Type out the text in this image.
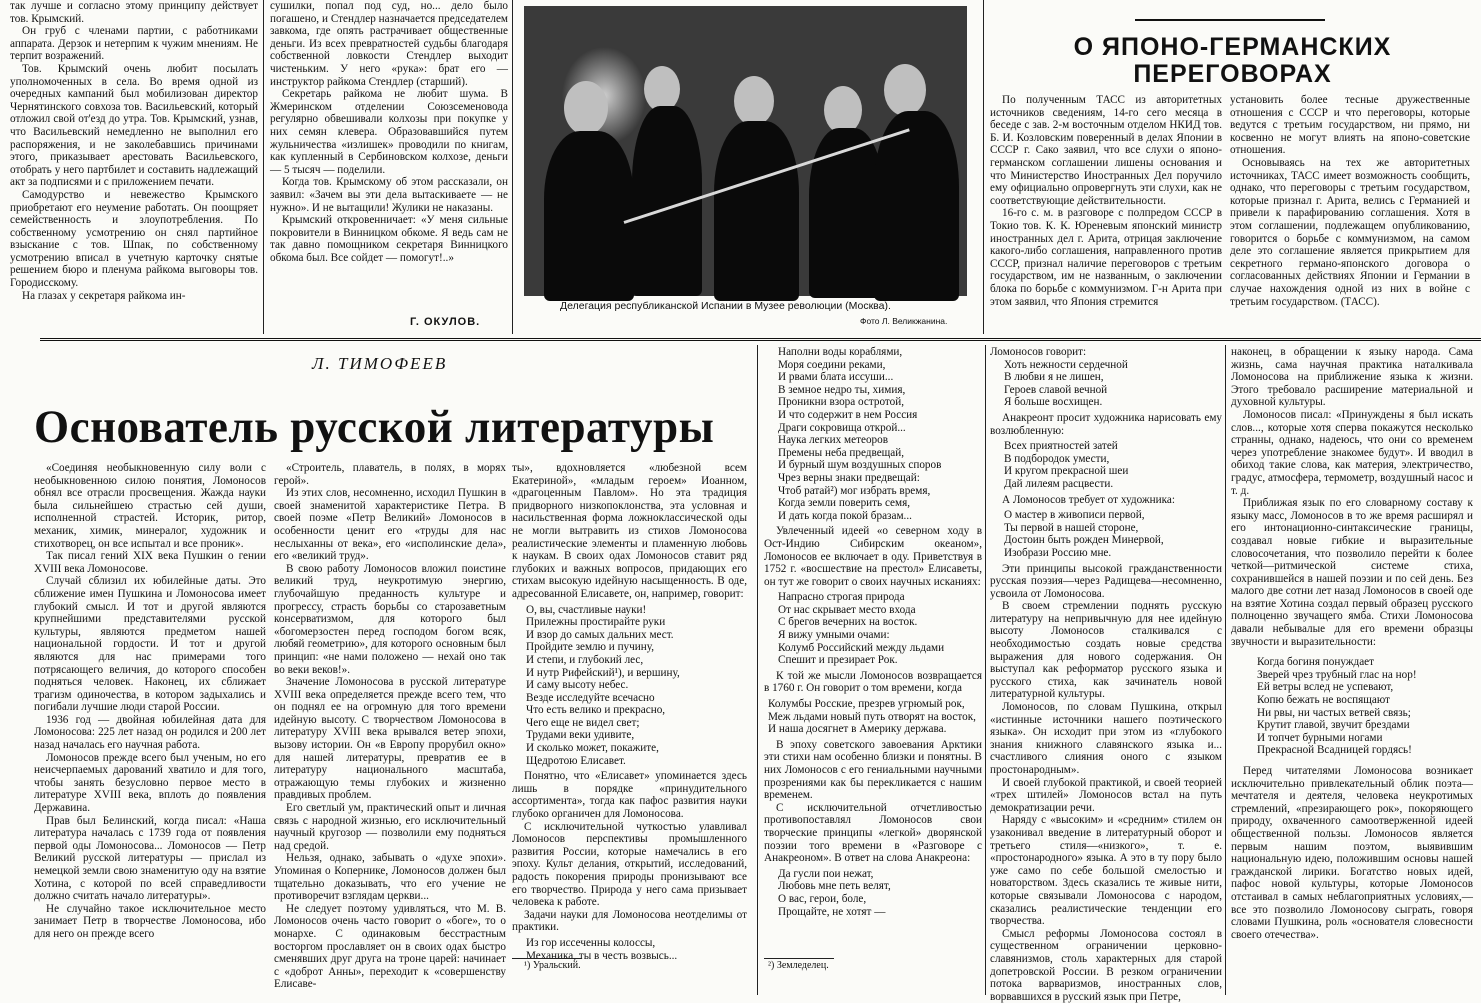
так лучше и согласно этому принципу действует тов. Крымский.

Он груб с членами партии, с работниками аппарата. Дерзок и нетерпим к чужим мнениям. Не терпит возражений.

Тов. Крымский очень любит посылать уполномоченных в села. Во время одной из очередных кампаний был мобилизован директор Чернятинского совхоза тов. Васильевский, который отложил свой от'езд до утра. Тов. Крымский, узнав, что Васильевский немедленно не выполнил его распоряжения, и не заколебавшись причинами этого, приказывает арестовать Васильевского, отобрать у него партбилет и составить надлежащий акт за подписями и с приложением печати.

Самодурство и невежество Крымского приобретают его неумение работать. Он поощряет семейственность и злоупотребления. По собственному усмотрению он снял партийное взыскание с тов. Шпак, по собственному усмотрению вписал в учетную карточку снятые решением бюро и пленума райкома выговоры тов. Городисскому.

На глазах у секретаря райкома ин-

сушилки, попал под суд, но... дело было погашено, и Стендлер назначается председателем завкома, где опять растрачивает общественные деньги. Из всех превратностей судьбы благодаря собственной ловкости Стендлер выходит чистеньким. У него «рука»: брат его — инструктор райкома Стендлер (старший).

Секретарь райкома не любит шума. В Жмеринском отделении Союзсеменовода регулярно обвешивали колхозы при покупке у них семян клевера. Образовавшийся путем жульничества «излишек» проводили по книгам, как купленный в Сербиновском колхозе, деньги — 5 тысяч — поделили.

Когда тов. Крымскому об этом рассказали, он заявил: «Зачем вы эти дела вытаскиваете — не нужно». И не вытащили! Жулики не наказаны.

Крымский откровенничает: «У меня сильные покровители в Винницком обкоме. Я ведь сам не так давно помощником секретаря Винницкого обкома был. Все сойдет — помогут!..»

Г. ОКУЛОВ.
Делегация республиканской Испании в Музее революции (Москва).
Фото Л. Великжанина.
О ЯПОНО-ГЕРМАНСКИХ
ПЕРЕГОВОРАХ

По полученным ТАСС из авторитетных источников сведениям, 14-го сего месяца в беседе с зав. 2-м восточным отделом НКИД тов. Б. И. Козловским поверенный в делах Японии в СССР г. Сако заявил, что все слухи о японо-германском соглашении лишены основания и что Министерство Иностранных Дел поручило ему официально опровергнуть эти слухи, как не соответствующие действительности.

16-го с. м. в разговоре с полпредом СССР в Токио тов. К. К. Юреневым японский министр иностранных дел г. Арита, отрицая заключение какого-либо соглашения, направленного против СССР, признал наличие переговоров с третьим государством, им не названным, о заключении блока по борьбе с коммунизмом. Г-н Арита при этом заявил, что Япония стремится

установить более тесные дружественные отношения с СССР и что переговоры, которые ведутся с третьим государством, ни прямо, ни косвенно не могут влиять на японо-советские отношения.

Основываясь на тех же авторитетных источниках, ТАСС имеет возможность сообщить, однако, что переговоры с третьим государством, которые признал г. Арита, велись с Германией и привели к парафированию соглашения. Хотя в этом соглашении, подлежащем опубликованию, говорится о борьбе с коммунизмом, на самом деле это соглашение является прикрытием для секретного германо-японского договора о согласованных действиях Японии и Германии в случае нахождения одной из них в войне с третьим государством. (ТАСС).

Л. ТИМОФЕЕВ
Основатель русской литературы

«Соединяя необыкновенную силу воли с необыкновенною силою понятия, Ломоносов обнял все отрасли просвещения. Жажда науки была сильнейшею страстью сей души, исполненной страстей. Историк, ритор, механик, химик, минералог, художник и стихотворец, он все испытал и все проник».

Так писал гений XIX века Пушкин о гении XVIII века Ломоносове.

Случай сблизил их юбилейные даты. Это сближение имен Пушкина и Ломоносова имеет глубокий смысл. И тот и другой являются крупнейшими представителями русской культуры, являются предметом нашей национальной гордости. И тот и другой являются для нас примерами того потрясающего величия, до которого способен подняться человек. Наконец, их сближает трагизм одиночества, в котором задыхались и погибали лучшие люди старой России.

1936 год — двойная юбилейная дата для Ломоносова: 225 лет назад он родился и 200 лет назад началась его научная работа.

Ломоносов прежде всего был ученым, но его неисчерпаемых дарований хватило и для того, чтобы занять безусловно первое место в литературе XVIII века, вплоть до появления Державина.

Прав был Белинский, когда писал: «Наша литература началась с 1739 года от появления первой оды Ломоносова... Ломоносов — Петр Великий русской литературы — прислал из немецкой земли свою знаменитую оду на взятие Хотина, с которой по всей справедливости должно считать начало литературы».

Не случайно такое исключительное место занимает Петр в творчестве Ломоносова, ибо для него он прежде всего

«Строитель, плаватель, в полях, в морях герой».

Из этих слов, несомненно, исходил Пушкин в своей знаменитой характеристике Петра. В своей поэме «Петр Великий» Ломоносов в особенности ценит его «труды для нас неслыханны от века», его «исполинские дела», его «великий труд».

В свою работу Ломоносов вложил поистине великий труд, неукротимую энергию, глубочайшую преданность культуре и прогрессу, страсть борьбы со старозаветным консерватизмом, для которого был «богомерзостен перед господом богом всяк, любяй геометрию», для которого основным был принцип: «не нами положено — нехай оно так во веки веков!».

Значение Ломоносова в русской литературе XVIII века определяется прежде всего тем, что он поднял ее на огромную для того времени идейную высоту. С творчеством Ломоносова в литературу XVIII века врывался ветер эпохи, вызову истории. Он «в Европу прорубил окно» для нашей литературы, превратив ее в литературу национального масштаба, отражающую темы глубоких и жизненно правдивых проблем.

Его светлый ум, практический опыт и личная связь с народной жизнью, его исключительный научный кругозор — позволили ему подняться над средой.

Нельзя, однако, забывать о «духе эпохи». Упоминая о Копернике, Ломоносов должен был тщательно доказывать, что его учение не противоречит взглядам церкви...

Не следует поэтому удивляться, что М. В. Ломоносов очень часто говорит о «боге», то о монархе. С одинаковым бесстрастным восторгом прославляет он в своих одах быстро сменявших друг друга на троне царей: начинает с «доброт Анны», переходит к «совершенству Елисаве-

ты», вдохновляется «любезной всем Екатериной», «младым героем» Иоанном, «драгоценным Павлом». Но эта традиция придворного низкопоклонства, эта условная и насильственная форма ложноклассической оды не могли вытравить из стихов Ломоносова реалистические элементы и пламенную любовь к наукам. В своих одах Ломоносов ставит ряд глубоких и важных вопросов, придающих его стихам высокую идейную насыщенность. В оде, адресованной Елисавете, он, например, говорит:

О, вы, счастливые науки!
Прилежны простирайте руки
И взор до самых дальних мест.
Пройдите землю и пучину,
И степи, и глубокий лес,
И нутр Рифейский¹), и вершину,
И саму высоту небес.
Везде исследуйте всечасно
Что есть велико и прекрасно,
Чего еще не видел свет;
Трудами веки удивите,
И сколько может, покажите,
Щедротою Елисавет.

Понятно, что «Елисавет» упоминается здесь лишь в порядке «принудительного ассортимента», тогда как пафос развития науки глубоко органичен для Ломоносова.

С исключительной чуткостью улавливал Ломоносов перспективы промышленного развития России, которые намечались в его эпоху. Культ делания, открытий, исследований, радость покорения природы пронизывают все его творчество. Природа у него сама призывает человека к работе.

Задачи науки для Ломоносова неотделимы от практики.

Из гор иссеченны колоссы,
Механика, ты в честь возвысь...
¹) Уральский.
Наполни воды кораблями,
Моря соедини реками,
И рвами блата иссуши...
В земное недро ты, химия,
Проникни взора остротой,
И что содержит в нем Россия
Драги сокровища открой...
Наука легких метеоров
Премены неба предвещай,
И бурный шум воздушных споров
Чрез верны знаки предвещай:
Чтоб ратай²) мог избрать время,
Когда земли поверить семя,
И дать когда покой бразам...

Увлеченный идеей «о северном ходу в Ост-Индию Сибирским океаном», Ломоносов ее включает в оду. Приветствуя в 1752 г. «восшествие на престол» Елисаветы, он тут же говорит о своих научных исканиях:

Напрасно строгая природа
От нас скрывает место входа
С брегов вечерних на восток.
Я вижу умными очами:
Колумб Российский между льдами
Спешит и презирает Рок.

К той же мысли Ломоносов возвращается в 1760 г. Он говорит о том времени, когда

Колумбы Росские, презрев угрюмый рок,
Меж льдами новый путь отворят на восток,
И наша досягнет в Америку держава.

В эпоху советского завоевания Арктики эти стихи нам особенно близки и понятны. В них Ломоносов с его гениальными научными прозрениями как бы перекликается с нашим временем.

С исключительной отчетливостью противопоставлял Ломоносов свои творческие принципы «легкой» дворянской поэзии того времени в «Разговоре с Анакреоном». В ответ на слова Анакреона:

Да гусли пои нежат,
Любовь мне петь велят,
О вас, герои, боле,
Прощайте, не хотят —
²) Земледелец.

Ломоносов говорит:

Хоть нежности сердечной
В любви я не лишен,
Героев славой вечной
Я больше восхищен.

Анакреонт просит художника нарисовать ему возлюбленную:

Всех приятностей затей
В подбородок умести,
И кругом прекрасной шеи
Дай лилеям расцвести.

А Ломоносов требует от художника:

О мастер в живописи первой,
Ты первой в нашей стороне,
Достоин быть рожден Минервой,
Изобрази Россию мне.

Эти принципы высокой гражданственности русская поэзия—через Радищева—несомненно, усвоила от Ломоносова.

В своем стремлении поднять русскую литературу на непривычную для нее идейную высоту Ломоносов сталкивался с необходимостью создать новые средства выражения для нового содержания. Он выступал как реформатор русского языка и русского стиха, как зачинатель новой литературной культуры.

Ломоносов, по словам Пушкина, открыл «истинные источники нашего поэтического языка». Он исходит при этом из «глубокого знания книжного славянского языка и... счастливого слияния оного с языком простонародным».

И своей глубокой практикой, и своей теорией «трех штилей» Ломоносов встал на путь демократизации речи.

Наряду с «высоким» и «средним» стилем он узаконивал введение в литературный оборот и третьего стиля—«низкого», т. е. «простонародного» языка. А это в ту пору было уже само по себе большой смелостью и новаторством. Здесь сказались те живые нити, которые связывали Ломоносова с народом, сказались реалистические тенденции его творчества.

Смысл реформы Ломоносова состоял в существенном ограничении церковно-славянизмов, столь характерных для старой допетровской России. В резком ограничении потока варваризмов, иностранных слов, ворвавшихся в русский язык при Петре,

наконец, в обращении к языку народа. Сама жизнь, сама научная практика наталкивала Ломоносова на приближение языка к жизни. Этого требовало расширение материальной и духовной культуры.

Ломоносов писал: «Принуждены я был искать слов..., которые хотя сперва покажутся несколько странны, однако, надеюсь, что они со временем через употребление знакомее будут». И вводил в обиход такие слова, как материя, электричество, градус, атмосфера, термометр, воздушный насос и т. д.

Приближая язык по его словарному составу к языку масс, Ломоносов в то же время расширял и его интонационно-синтаксические границы, создавал новые гибкие и выразительные словосочетания, что позволило перейти к более четкой—ритмической системе стиха, сохранившейся в нашей поэзии и по сей день. Без малого две сотни лет назад Ломоносов в своей оде на взятие Хотина создал первый образец русского полноценно звучащего ямба. Стихи Ломоносова давали небывалые для его времени образцы звучности и выразительности:

Когда богиня понуждает
Зверей чрез трубный глас на нор!
Ей ветры вслед не успевают,
Копю бежать не воспящают
Ни рвы, ни частых ветвей связь;
Крутит главой, звучит брездами
И топчет бурными ногами
Прекрасной Всадницей гордясь!

Перед читателями Ломоносова возникает исключительно привлекательный облик поэта—мечтателя и деятеля, человека неукротимых стремлений, «презирающего рок», покоряющего природу, охваченного самоотверженной идеей общественной пользы. Ломоносов является первым нашим поэтом, выявившим национальную идею, положившим основы нашей гражданской лирики. Богатство новых идей, пафос новой культуры, которые Ломоносов отстаивал в самых неблагоприятных условиях,—все это позволило Ломоносову сыграть, говоря словами Пушкина, роль «основателя словесности своего отечества».
